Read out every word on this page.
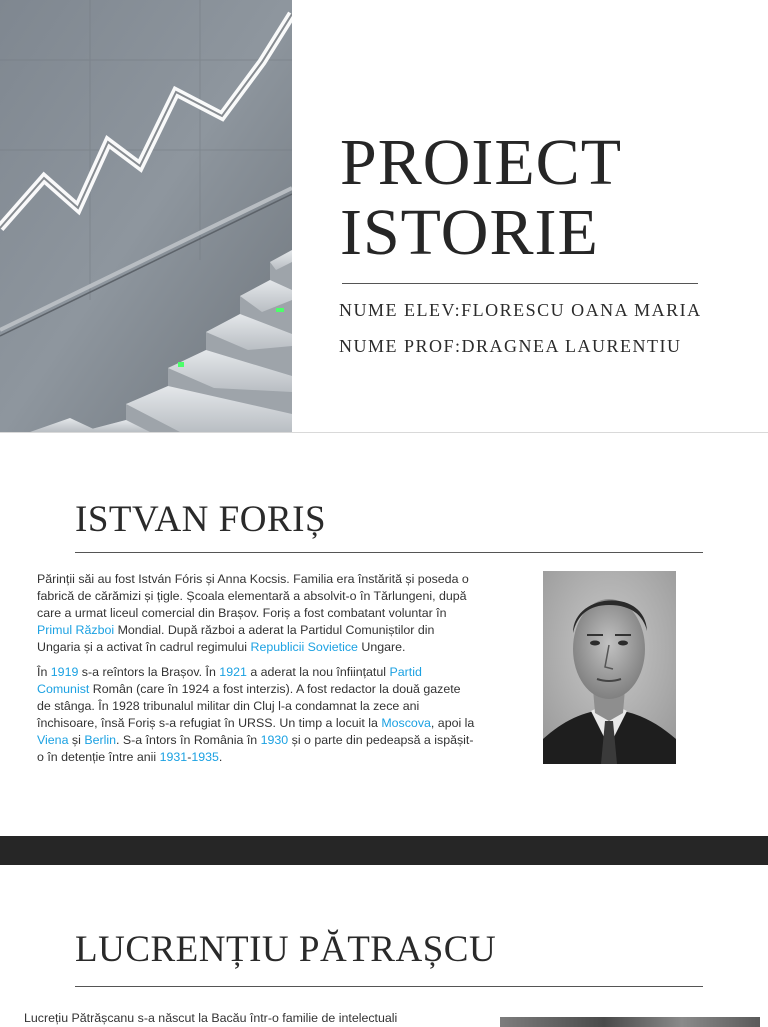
PROIECT
ISTORIE
NUME ELEV:FLORESCU OANA MARIA
NUME PROF:DRAGNEA LAURENTIU
ISTVAN FORIȘ

Părinții săi au fost István Fóris și Anna Kocsis. Familia era înstărită și poseda o fabrică de cărămizi și țigle. Școala elementară a absolvit-o în Tărlungeni, după care a urmat liceul comercial din Brașov. Foriș a fost combatant voluntar în Primul Război Mondial. După război a aderat la Partidul Comuniștilor din Ungaria și a activat în cadrul regimului Republicii Sovietice Ungare.

În 1919 s-a reîntors la Brașov. În 1921 a aderat la nou înființatul Partid Comunist Român (care în 1924 a fost interzis). A fost redactor la două gazete de stânga. În 1928 tribunalul militar din Cluj l-a condamnat la zece ani închisoare, însă Foriș s-a refugiat în URSS. Un timp a locuit la Moscova, apoi la Viena și Berlin. S-a întors în România în 1930 și o parte din pedeapsă a ispășit-o în detenție între anii 1931-1935.

LUCRENȚIU PĂTRAȘCU
Lucrețiu Pătrășcanu s-a născut la Bacău într-o familie de intelectuali
